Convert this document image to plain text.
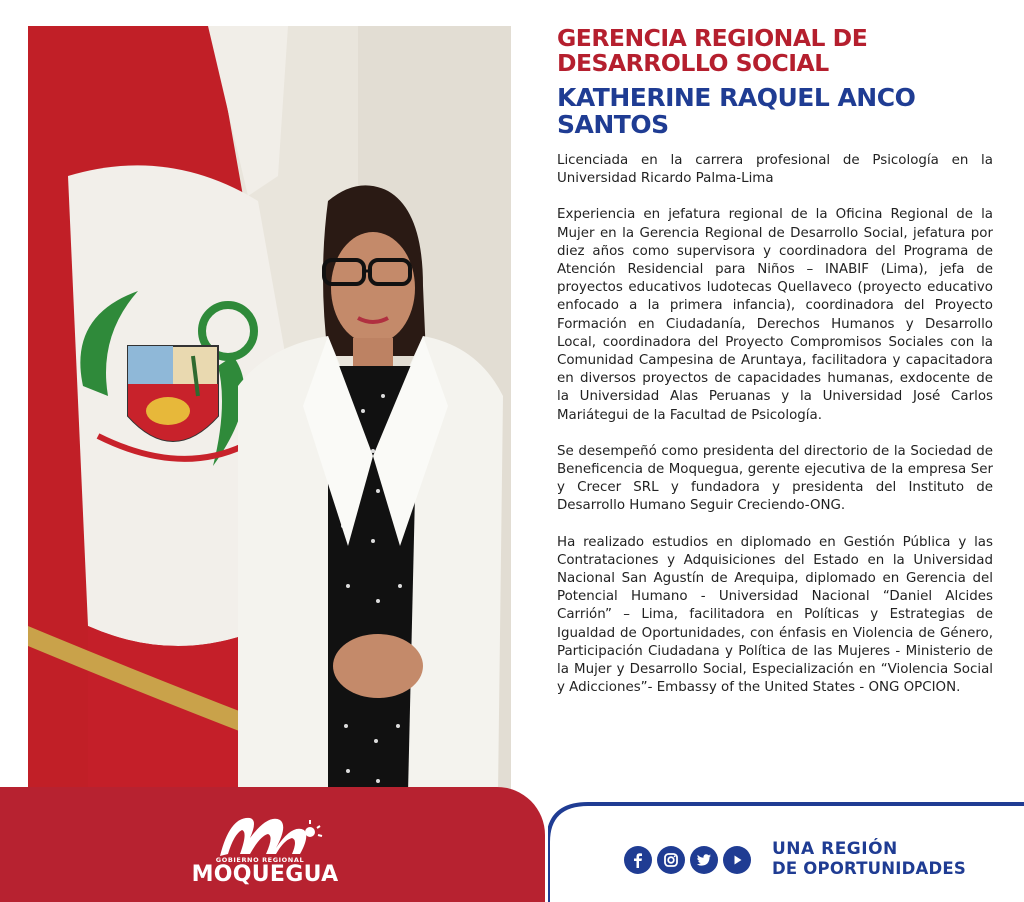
GERENCIA REGIONAL DE
DESARROLLO SOCIAL
KATHERINE RAQUEL ANCO
SANTOS

Licenciada en la carrera profesional de Psicología en la Universidad Ricardo Palma-Lima

Experiencia en jefatura regional de la Oficina Regional de la Mujer en la Gerencia Regional de Desarrollo Social, jefatura por diez años como supervisora y coordinadora del Programa de Atención Residencial para Niños – INABIF (Lima), jefa de proyectos educativos ludotecas Quellaveco (proyecto educativo enfocado a la primera infancia), coordinadora del Proyecto Formación en Ciudadanía, Derechos Humanos y Desarrollo Local, coordinadora del Proyecto Compromisos Sociales con la Comunidad Campesina de Aruntaya, facilitadora y capacitadora en diversos proyectos de capacidades humanas, exdocente de la Universidad Alas Peruanas y la Universidad José Carlos Mariátegui de la Facultad de Psicología.

Se desempeñó como presidenta del directorio de la Sociedad de Beneficencia de Moquegua, gerente ejecutiva de la empresa Ser y Crecer SRL y fundadora y presidenta del Instituto de Desarrollo Humano Seguir Creciendo-ONG.

Ha realizado estudios en diplomado en Gestión Pública y las Contrataciones y Adquisiciones del Estado en la Universidad Nacional San Agustín de Arequipa, diplomado en Gerencia del Potencial Humano - Universidad Nacional “Daniel Alcides Carrión” – Lima, facilitadora en Políticas y Estrategias de Igualdad de Oportunidades, con énfasis en Violencia de Género, Participación Ciudadana y Política de las Mujeres - Ministerio de la Mujer y Desarrollo Social, Especialización en “Violencia Social y Adicciones”- Embassy of the United States - ONG OPCION.

GOBIERNO REGIONAL
MOQUEGUA
UNA REGIÓN
DE OPORTUNIDADES
